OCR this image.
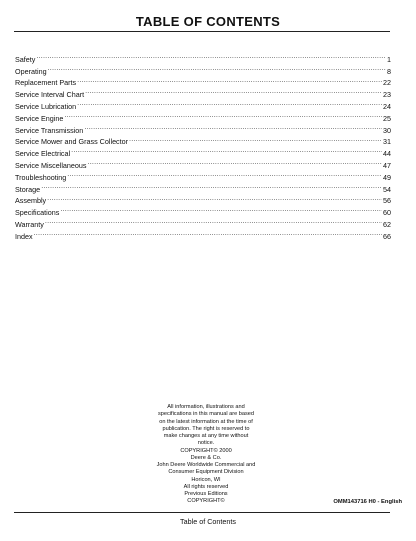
TABLE OF CONTENTS
Safety .....	1
Operating .....	8
Replacement Parts .....	22
Service Interval Chart .....	23
Service Lubrication .....	24
Service Engine .....	25
Service Transmission .....	30
Service Mower and Grass Collector .....	31
Service Electrical .....	44
Service Miscellaneous .....	47
Troubleshooting .....	49
Storage .....	54
Assembly .....	56
Specifications .....	60
Warranty .....	62
Index .....	66
All information, illustrations and
specifications in this manual are based
on the latest information at the time of
publication. The right is reserved to
make changes at any time without
notice.
COPYRIGHT© 2000
Deere & Co.
John Deere Worldwide Commercial and
Consumer Equipment Division
Horicon, WI
All rights reserved
Previous Editions
COPYRIGHT©	OMM143716 H0 - English
Table of Contents
